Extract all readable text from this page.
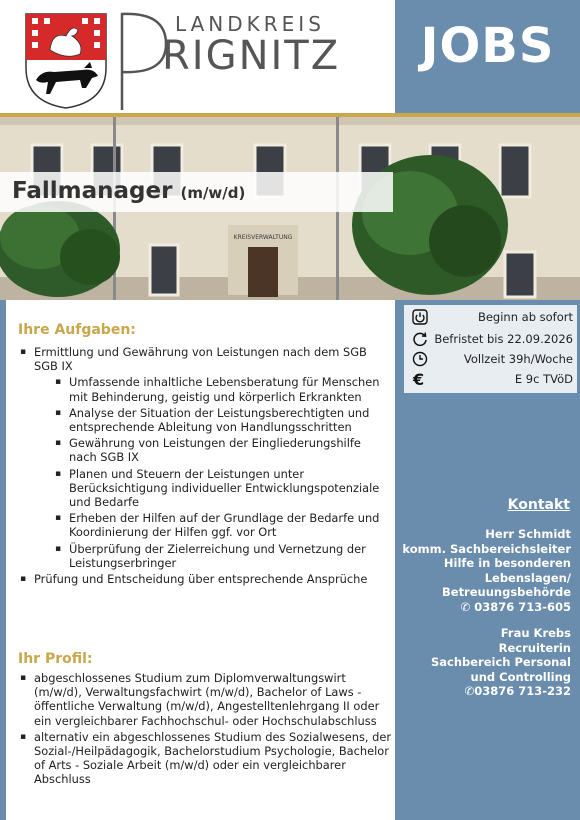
LANDKREIS
RIGNITZ	JOBS
KREISVERWALTUNG
Fallmanager (m/w/d)
Beginn ab sofort
Befristet bis 22.09.2026
Vollzeit 39h/Woche
€	E 9c TVöD
Kontakt
Herr Schmidt
komm. Sachbereichsleiter
Hilfe in besonderen
Lebenslagen/
Betreuungsbehörde
✆ 03876 713-605
Frau Krebs
Recruiterin
Sachbereich Personal
und Controlling
✆03876 713-232
Ihre Aufgaben:
▪ Ermittlung und Gewährung von Leistungen nach dem SGB SGB IX
▪ Umfassende inhaltliche Lebensberatung für Menschen mit Behinderung, geistig und körperlich Erkrankten
▪ Analyse der Situation der Leistungsberechtigten und entsprechende Ableitung von Handlungsschritten
▪ Gewährung von Leistungen der Eingliederungshilfe nach SGB IX
▪ Planen und Steuern der Leistungen unter Berücksichtigung individueller Entwicklungspotenziale und Bedarfe
▪ Erheben der Hilfen auf der Grundlage der Bedarfe und Koordinierung der Hilfen ggf. vor Ort
▪ Überprüfung der Zielerreichung und Vernetzung der Leistungserbringer
▪ Prüfung und Entscheidung über entsprechende Ansprüche
Ihr Profil:
▪ abgeschlossenes Studium zum Diplomverwaltungswirt (m/w/d), Verwaltungsfachwirt (m/w/d), Bachelor of Laws - öffentliche Verwaltung (m/w/d), Angestelltenlehrgang II oder ein vergleichbarer Fachhochschul- oder Hochschulabschluss
▪ alternativ ein abgeschlossenes Studium des Sozialwesens, der Sozial-/Heilpädagogik, Bachelorstudium Psychologie, Bachelor of Arts - Soziale Arbeit (m/w/d) oder ein vergleichbarer Abschluss
